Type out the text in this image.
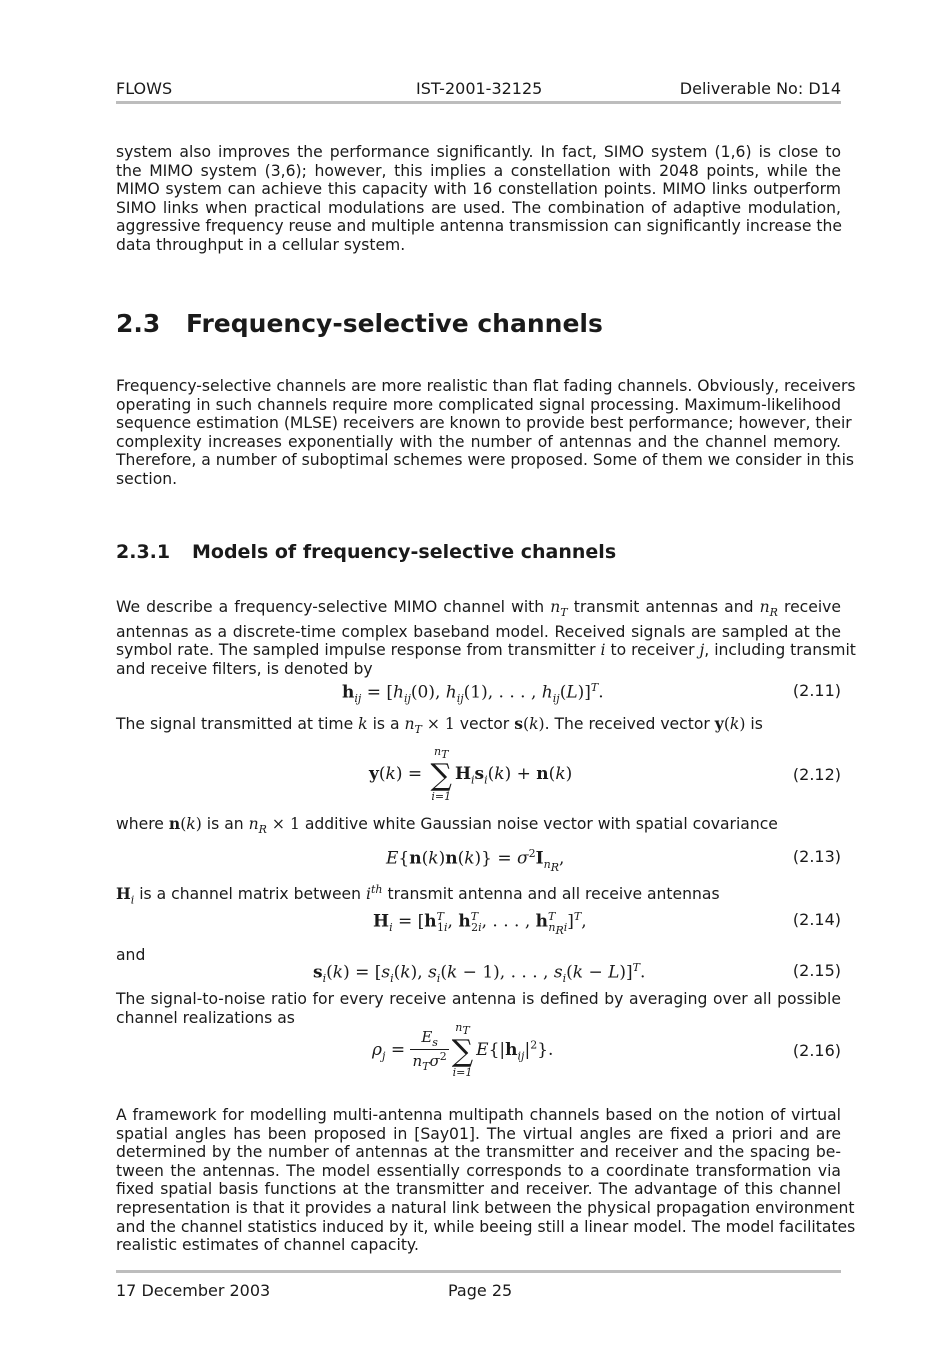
FLOWS	IST-2001-32125	Deliverable No: D14

system also improves the performance significantly. In fact, SIMO system (1,6) is close to
the MIMO system (3,6); however, this implies a constellation with 2048 points, while the
MIMO system can achieve this capacity with 16 constellation points. MIMO links outperform
SIMO links when practical modulations are used. The combination of adaptive modulation,
aggressive frequency reuse and multiple antenna transmission can significantly increase the
data throughput in a cellular system.

2.3 Frequency-selective channels

Frequency-selective channels are more realistic than flat fading channels. Obviously, receivers
operating in such channels require more complicated signal processing. Maximum-likelihood
sequence estimation (MLSE) receivers are known to provide best performance; however, their
complexity increases exponentially with the number of antennas and the channel memory.
Therefore, a number of suboptimal schemes were proposed. Some of them we consider in this
section.

2.3.1 Models of frequency-selective channels

We describe a frequency-selective MIMO channel with $n_T$ transmit antennas and $n_R$ receive
antennas as a discrete-time complex baseband model. Received signals are sampled at the
symbol rate. The sampled impulse response from transmitter i to receiver j, including transmit
and receive filters, is denoted by

$h_{ij} = [h_{ij}(0)$, $h_{ij}(1)$, . . . , $h_{ij}(L)]^T$.	(2.11)

The signal transmitted at time k is a $n_T \times 1$ vector s(k). The received vector y(k) is

y(k) =
$n_T$
∑
i=1
$H_is_i(k) + n(k)$	(2.12)

where n(k) is an $n_R \times 1$ additive white Gaussian noise vector with spatial covariance

$E\{n(k)n(k)\} = \sigma^2I_{n_R}$,	(2.13)

$H_i$ is a channel matrix between $i^{th}$ transmit antenna and all receive antennas

$H_i = [h^T_{1i}$, $h^T_{2i}$, . . . , $h^T_{n_Ri}]^T$,	(2.14)

and

$s_i(k) = [s_i(k)$, $s_i(k - 1)$, . . . , $s_i(k - L)]^T$.	(2.15)

The signal-to-noise ratio for every receive antenna is defined by averaging over all possible
channel realizations as

$\rho_j = \frac{E_s}{n_T\sigma^2}$
$n_T$
∑
i=1
$E\{|h_{ij}|^2\}$.	(2.16)

A framework for modelling multi-antenna multipath channels based on the notion of virtual
spatial angles has been proposed in [Say01]. The virtual angles are fixed a priori and are
determined by the number of antennas at the transmitter and receiver and the spacing be-
tween the antennas. The model essentially corresponds to a coordinate transformation via
fixed spatial basis functions at the transmitter and receiver. The advantage of this channel
representation is that it provides a natural link between the physical propagation environment
and the channel statistics induced by it, while beeing still a linear model. The model facilitates
realistic estimates of channel capacity.

17 December 2003	Page 25
